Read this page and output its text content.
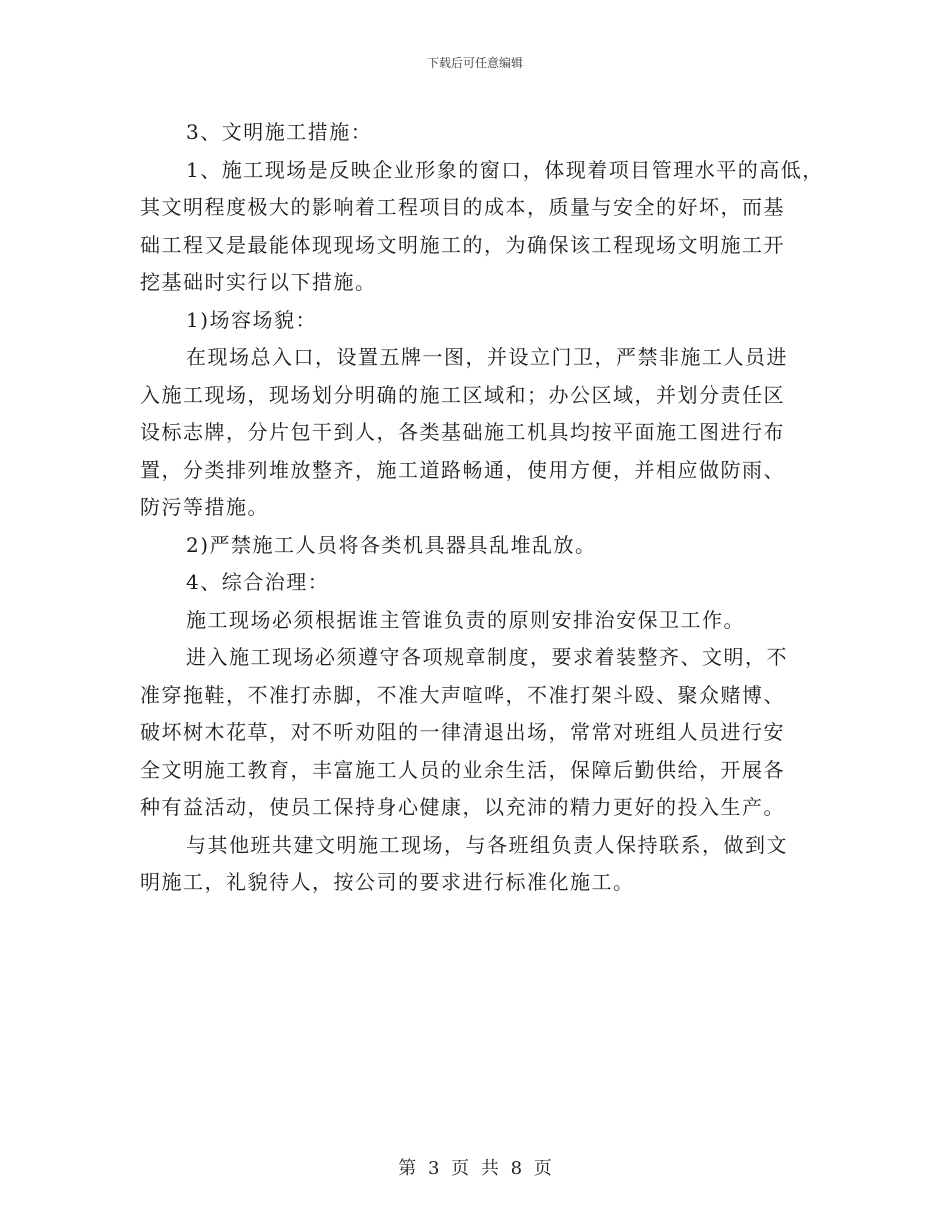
下载后可任意编辑
3、文明施工措施：
1、施工现场是反映企业形象的窗口，体现着项目管理水平的高低，
其文明程度极大的影响着工程项目的成本，质量与安全的好坏，而基
础工程又是最能体现现场文明施工的，为确保该工程现场文明施工开
挖基础时实行以下措施。
1)场容场貌：
在现场总入口，设置五牌一图，并设立门卫，严禁非施工人员进
入施工现场，现场划分明确的施工区域和；办公区域，并划分责任区
设标志牌，分片包干到人，各类基础施工机具均按平面施工图进行布
置，分类排列堆放整齐，施工道路畅通，使用方便，并相应做防雨、
防污等措施。
2)严禁施工人员将各类机具器具乱堆乱放。
4、综合治理：
施工现场必须根据谁主管谁负责的原则安排治安保卫工作。
进入施工现场必须遵守各项规章制度，要求着装整齐、文明，不
准穿拖鞋，不准打赤脚，不准大声喧哗，不准打架斗殴、聚众赌博、
破坏树木花草，对不听劝阻的一律清退出场，常常对班组人员进行安
全文明施工教育，丰富施工人员的业余生活，保障后勤供给，开展各
种有益活动，使员工保持身心健康，以充沛的精力更好的投入生产。
与其他班共建文明施工现场，与各班组负责人保持联系，做到文
明施工，礼貌待人，按公司的要求进行标准化施工。
第 3 页 共 8 页
